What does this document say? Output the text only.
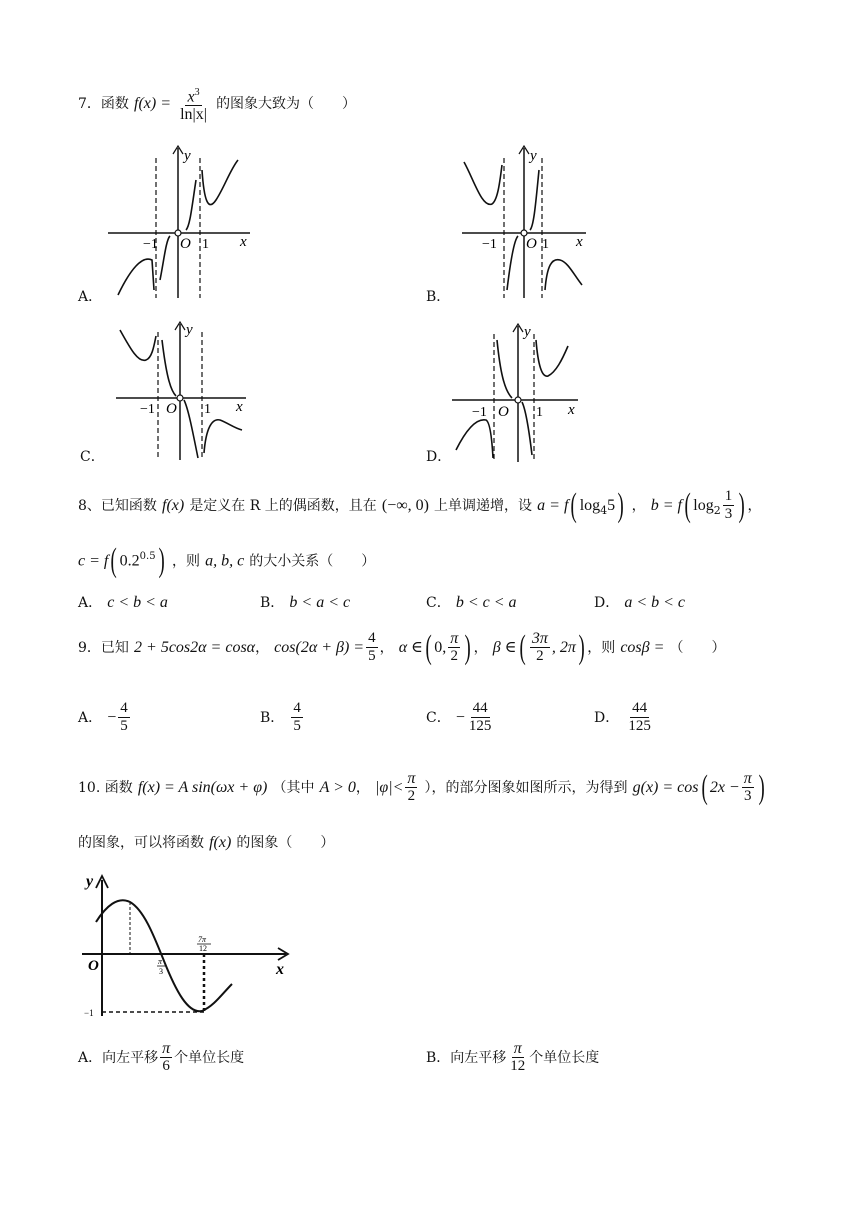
7．函数 $f(x) = \frac{x^3}{\ln|x|}$ 的图象大致为（　　）
A．
−1 O 1 x
y
B．
−1 O 1 x
y
C．
−1 O 1 x
y
D．
−1 O 1 x
y
8、已知函数 f(x) 是定义在 R 上的偶函数，且在 (−∞, 0) 上单调递增，设 a = f( $\log_45$) ， b = f( $\log_2 \frac{1}{3}$ ) ，
c = f( $0.2^{0.5}$) ，则 a, b, c 的大小关系（　　）
A． c < b < a	B． b < a < c	C． b < c < a	D． a < b < c
9．已知 2 + 5cos2α = cosα， $\cos(2\alpha + \beta) = \frac{4}{5}$ ， α ∈( 0, $\frac{\pi}{2}$ ) ， β ∈( $\frac{3\pi}{2}$ , 2π) ，则 cosβ = （　　）
A． − $\frac{4}{5}$	B． $\frac{4}{5}$	C． − $\frac{44}{125}$	D． $\frac{44}{125}$
10. 函数 f(x) = A sin(ωx + φ) （其中 A > 0， $|\varphi|< \frac{\pi}{2}$ ），的部分图象如图所示，为得到 g(x) = cos( $2x - \frac{\pi}{3}$ )
的图象，可以将函数 f(x) 的图象（　　）
y
x
O	π
3
7π
12
−1
A．向左平移 $\frac{\pi}{6}$ 个单位长度	B．向左平移 $\frac{\pi}{12}$ 个单位长度
